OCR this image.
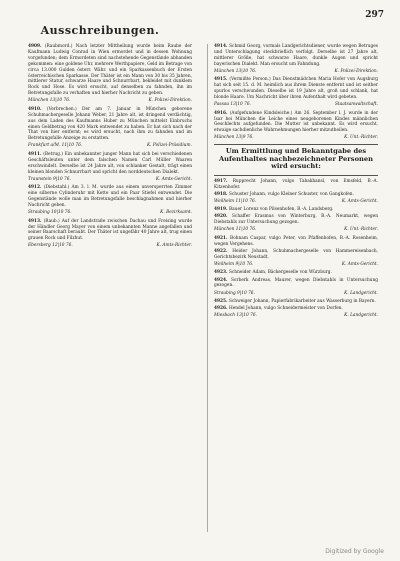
297
Ausschreibungen.
4909. (Raubmord.) Nach letzter Mittheilung wurde beim Raube der Kaufmann Ludwig Conrad in Wien ermordet und in dessen Wohnung vorgefunden; dem Ermordeten sind nachstehende Gegenstände abhanden gekommen: eine goldene Uhr, mehrere Werthpapiere, Geld im Betrage von circa 13.000 Gulden österr. Währ. und ein Sparkassenbuch der Ersten österreichischen Sparkasse. Der Thäter ist ein Mann von 30 bis 35 Jahren, mittlerer Statur, schwarze Haare und Schnurrbart, bekleidet mit dunklem Rock und Hose. Es wird ersucht, auf denselben zu fahnden, ihn im Betretungsfalle zu verhaften und hierher Nachricht zu geben.
München 13|10 76.	K. Polizei-Direktion.
4910. (Verbrechen.) Der am 7. Januar in München geborene Schuhmachergeselle Johann Weber, 21 Jahre alt, ist dringend verdächtig, aus dem Laden des Kaufmanns Huber zu München mittelst Einbruchs einen Geldbetrag von 420 Mark entwendet zu haben. Er hat sich nach der That von hier entfernt; es wird ersucht, nach ihm zu fahnden und im Betretungsfalle Anzeige zu erstatten.
Frankfurt a/M. 11|10 76.	K. Polizei-Präsidium.
4911. (Betrug.) Ein unbekannter junger Mann hat sich bei verschiedenen Geschäftsleuten unter dem falschen Namen Carl Müller Waaren erschwindelt. Derselbe ist 24 Jahre alt, von schlanker Gestalt, trägt einen kleinen blonden Schnurrbart und spricht den norddeutschen Dialekt.
Traunstein 9|10 76.	K. Amts-Gericht.
4912. (Diebstahl.) Am 3. l. M. wurde aus einem unversperrten Zimmer eine silberne Cylinderuhr mit Kette und ein Paar Stiefel entwendet. Die Gegenstände wolle man im Betretungsfalle beschlagnahmen und hierher Nachricht geben.
Straubing 10|10 76.	K. Bezirksamt.
4913. (Raub.) Auf der Landstraße zwischen Dachau und Freising wurde der Händler Georg Mayer von einem unbekannten Manne angefallen und seiner Baarschaft beraubt. Der Thäter ist ungefähr 40 Jahre alt, trug einen grauen Rock und Filzhut.
Ebersberg 12|10 76.	K. Amts-Richter.
4914. Schmid Georg, vormals Landgerichtsdiener, wurde wegen Betruges und Unterschlagung steckbrieflich verfolgt. Derselbe ist 27 Jahre alt, mittlerer Größe, hat schwarze Haare, dunkle Augen und spricht bayerischen Dialekt. Man ersucht um Fahndung.
München 13|10 76.	K. Polizei-Direktion.
4915. (Vermißte Person.) Das Dienstmädchen Maria Hofer von Augsburg hat sich seit 15. d. M. heimlich aus ihrem Dienste entfernt und ist seither spurlos verschwunden. Dieselbe ist 19 Jahre alt, groß und schlank, hat blonde Haare. Um Nachricht über ihren Aufenthalt wird gebeten.
Passau 13|10 76.	Staatsanwaltschaft.
4916. (Aufgefundene Kindsleiche.) Am 26. September l. J. wurde in der Isar bei München die Leiche eines neugeborenen Kindes männlichen Geschlechts aufgefunden. Die Mutter ist unbekannt. Es wird ersucht, etwaige sachdienliche Wahrnehmungen hierher mitzutheilen.
München 13|9 76.	K. Unt.-Richter.
Um Ermittlung und Bekanntgabe des Aufenthaltes nachbezeichneter Personen wird ersucht:
4917. Rupprecht Johann, vulgo Tabakhansl, von Emsfeld, B.-A. Kitzenhofer.
4918. Schuster Johann, vulgo Kleiner Schuster, von Gangkofen.
Weilheim 11|10 76.	K. Amts-Gericht.
4919. Bauer Lorenz von Pilsenhofen, B.-A. Landsberg.
4920. Schaffer Erasmus von Winterburg, B.-A. Neumarkt, wegen Diebstahls zur Untersuchung gezogen.
München 11|10 76.	K. Unt.-Richter.
4921. Bohnam Caspar, vulgo Peter, von Pfaffenhofen, B.-A. Rosenheim, wegen Vergehens.
4922. Heider Johann, Schuhmachergeselle von Hammereisenbach, Gerichtsbezirk Neustadt.
Weilheim 9|10 76.	K. Amts-Gericht.
4923. Schneider Adam, Bäckergeselle von Würzburg.
4924. Sorberk Andreas, Maurer, wegen Diebstahls in Untersuchung gezogen.
Straubing 9|10 76.	K. Landgericht.
4925. Schweiger Johann, Papierfabrikarbeiter aus Wasserburg in Bayern.
4926. Hendel Johann, vulgo Schneidermeister von Dorfen.
Miesbach 13|10 76.	K. Landgericht.
Digitized by Google
